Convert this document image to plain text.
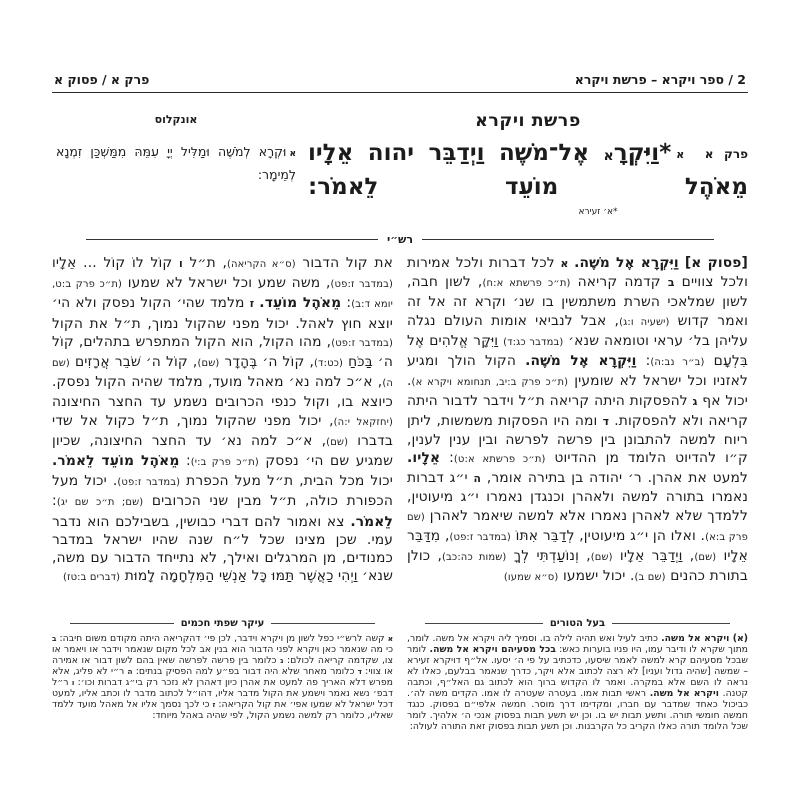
2 / ספר ויקרא – פרשת ויקרא
פרק א / פסוק א
פרשת ויקרא
פרק א א*וַיִּקְרָא אֶל־מֹשֶׁה וַיְדַבֵּר יהוה אֵלָיו מֵאֹהֶל מוֹעֵד לֵאמֹר:
*א׳ זעירא
אונקלוס
אוּקְרָא לְמֹשֶׁה וּמַלִּיל יְיָ עִמֵּהּ מִמַּשְׁכַּן זִמְנָא לְמֵימָר:
רש״י
[פסוק א] וַיִּקְרָא אֶל מֹשֶׁה. א לכל דברות ולכל אמירות ולכל צוויים ב קדמה קריאה (ת״כ פרשתא א:ח), לשון חבה, לשון שמלאכי השרת משתמשין בו שנ׳ וקרא זה אל זה ואמר קדוש (ישעיה ו:ג), אבל לנביאי אומות העולם נגלה עליהן בל׳ עראי וטומאה שנא׳ (במדבר כג:ד) וַיִּקָּר אֱלֹהִים אֶל בִּלְעָם (ב״ר נב:ה): וַיִּקְרָא אֶל מֹשֶׁה. הקול הולך ומגיע לאזניו וכל ישראל לא שומעין (ת״כ פרק ב:יב, תנחומא ויקרא א). יכול אף ג להפסקות היתה קריאה ת״ל וידבר לדבור היתה קריאה ולא להפסקות. ד ומה היו הפסקות משמשות, ליתן ריוח למשה להתבונן בין פרשה לפרשה ובין ענין לענין, ק״ו להדיוט הלומד מן ההדיוט (ת״כ פרשתא א:ט): אֵלָיו. למעט את אהרן. ר׳ יהודה בן בתירה אומר, ה י״ג דברות נאמרו בתורה למשה ולאהרן וכנגדן נאמרו י״ג מיעוטין, ללמדך שלא לאהרן נאמרו אלא למשה שיאמר לאהרן (שם פרק ב:א). ואלו הן י״ג מיעוטין, לְדַבֵּר אִתּוֹ (במדבר ז:פט), מִדַּבֵּר אֵלָיו (שם), וַיְדַבֵּר אֵלָיו (שם), וְנוֹעַדְתִּי לְךָ (שמות כה:כב), כולן בתורת כהנים (שם ב). יכול ישמעו (ס״א שמעו)
את קול הדבור (ס״א הקריאה), ת״ל ו קוֹל לוֹ קוֹל ... אֵלָיו (במדבר ז:פט), משה שמע וכל ישראל לא שמעו (ת״כ פרק ב:ט, יומא ד:ב): מֵאֹהֶל מוֹעֵד. ז מלמד שהי׳ הקול נפסק ולא הי׳ יוצא חוץ לאהל. יכול מפני שהקול נמוך, ת״ל את הקול (במדבר ז:פט), מהו הקול, הוא הקול המתפרש בתהלים, קוֹל ה׳ בַּכֹּחַ (כט:ד), קוֹל ה׳ בֶּהָדָר (שם), קוֹל ה׳ שֹׁבֵר אֲרָזִים (שם ה), א״כ למה נא׳ מאהל מועד, מלמד שהיה הקול נפסק. כיוצא בו, וקול כנפי הכרובים נשמע עד החצר החיצונה (יחזקאל י:ה), יכול מפני שהקול נמוך, ת״ל כקול אל שדי בדברו (שם), א״כ למה נא׳ עד החצר החיצונה, שכיון שמגיע שם הי׳ נפסק (ת״כ פרק ב:י): מֵאֹהֶל מוֹעֵד לֵאמֹר. יכול מכל הבית, ת״ל מעל הכפרת (במדבר ז:פט). יכול מעל הכפורת כולה, ת״ל מבין שני הכרובים (שם; ת״כ שם יג): לֵאמֹר. צא ואמור להם דברי כבושין, בשבילכם הוא נדבר עמי. שכן מצינו שכל ל״ח שנה שהיו ישראל במדבר כמנודים, מן המרגלים ואילך, לא נתייחד הדבור עם משה, שנא׳ וַיְהִי כַאֲשֶׁר תַּמּוּ כָּל אַנְשֵׁי הַמִּלְחָמָה לָמוּת (דברים ב:טז)
בעל הטורים
(א) ויקרא אל משה. כתיב לעיל ואש תהיה לילה בו. וסמיך ליה ויקרא אל משה. לומר, מתוך שקרא לו ודיבר עמו, היו פניו בוערות כאש: בכל מסעיהם ויקרא אל משה. לומר שבכל מסעיהם קרא למשה לאמר שיסעו, כדכתיב על פי ה׳ יסעו. אל״ף דויקרא זעירא – שמשה [שהיה גדול ועניו] לא רצה לכתוב אלא ויקר, כדרך שנאמר בבלעם, כאלו לא נראה לו השם אלא במקרה. ואמר לו הקדוש ברוך הוא לכתוב גם האל״ף, וכתבה קטנה. ויקרא אל משה. ראשי תבות אמו. בעטרה שעטרה לו אמו. הקדים משה לה׳. כביכול כאחד שמדבר עם חברו, ומקדימו דרך מוסר. חמשה אלפי״ם בפסוק. כנגד חמשה חומשי תורה. ותשע תבות יש בו. וכן יש תשע תבות בפסוק אנכי ה׳ אלהיך. לומר שכל הלומד תורה כאלו הקריב כל הקרבנות. וכן תשע תבות בפסוק זאת התורה לעולה:
עיקר שפתי חכמים
א קשה לרש״י כפל לשון מן ויקרא וידבר, לכן פי׳ דהקריאה היתה מקודם משום חיבה: ב כי מה שנאמר כאן ויקרא לפני הדבור הוא בנין אב לכל מקום שנאמר וידבר או ויאמר או צו, שקדמה קריאה לכולם: ג כלומר בין פרשה לפרשה שאין בהם לשון דבור או אמירה או צווי: ד כלומר מאחר שלא היה דבור בפ״ע למה הפסיק בנתים: ה ר״י לא פליג, אלא מפרש דלא האריך פה למעט את אהרן כיון דאהרן לא נזכר רק בי״ג דברות וכו׳: ו ר״ל דבפ׳ נשא נאמר וישמע את הקול מדבר אליו, דהו״ל לכתוב מדבר לו וכתב אליו, למעט דכל ישראל לא שמעו אפי׳ את קול הקריאה: ז כי לכך נסמך אליו אל מאהל מועד ללמד שאליו, כלומר רק למשה נשמע הקול, לפי שהיה באהל מיוחד:
